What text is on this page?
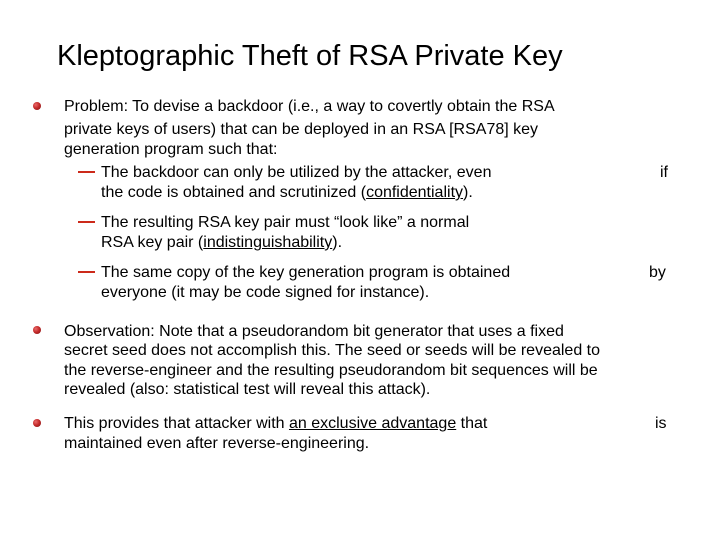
Kleptographic Theft of RSA Private Key
Problem: To devise a backdoor (i.e., a way to covertly obtain the RSA
private keys of users) that can be deployed in an RSA [RSA78] key
generation program such that:
The backdoor can only be utilized by the attacker, even	if
the code is obtained and scrutinized (confidentiality).
The resulting RSA key pair must “look like” a normal
RSA key pair (indistinguishability).
The same copy of the key generation program is obtained	by
everyone (it may be code signed for instance).
Observation: Note that a pseudorandom bit generator that uses a fixed
secret seed does not accomplish this. The seed or seeds will be revealed to
the reverse-engineer and the resulting pseudorandom bit sequences will be
revealed (also: statistical test will reveal this attack).
This provides that attacker with an exclusive advantage that	is
maintained even after reverse-engineering.
